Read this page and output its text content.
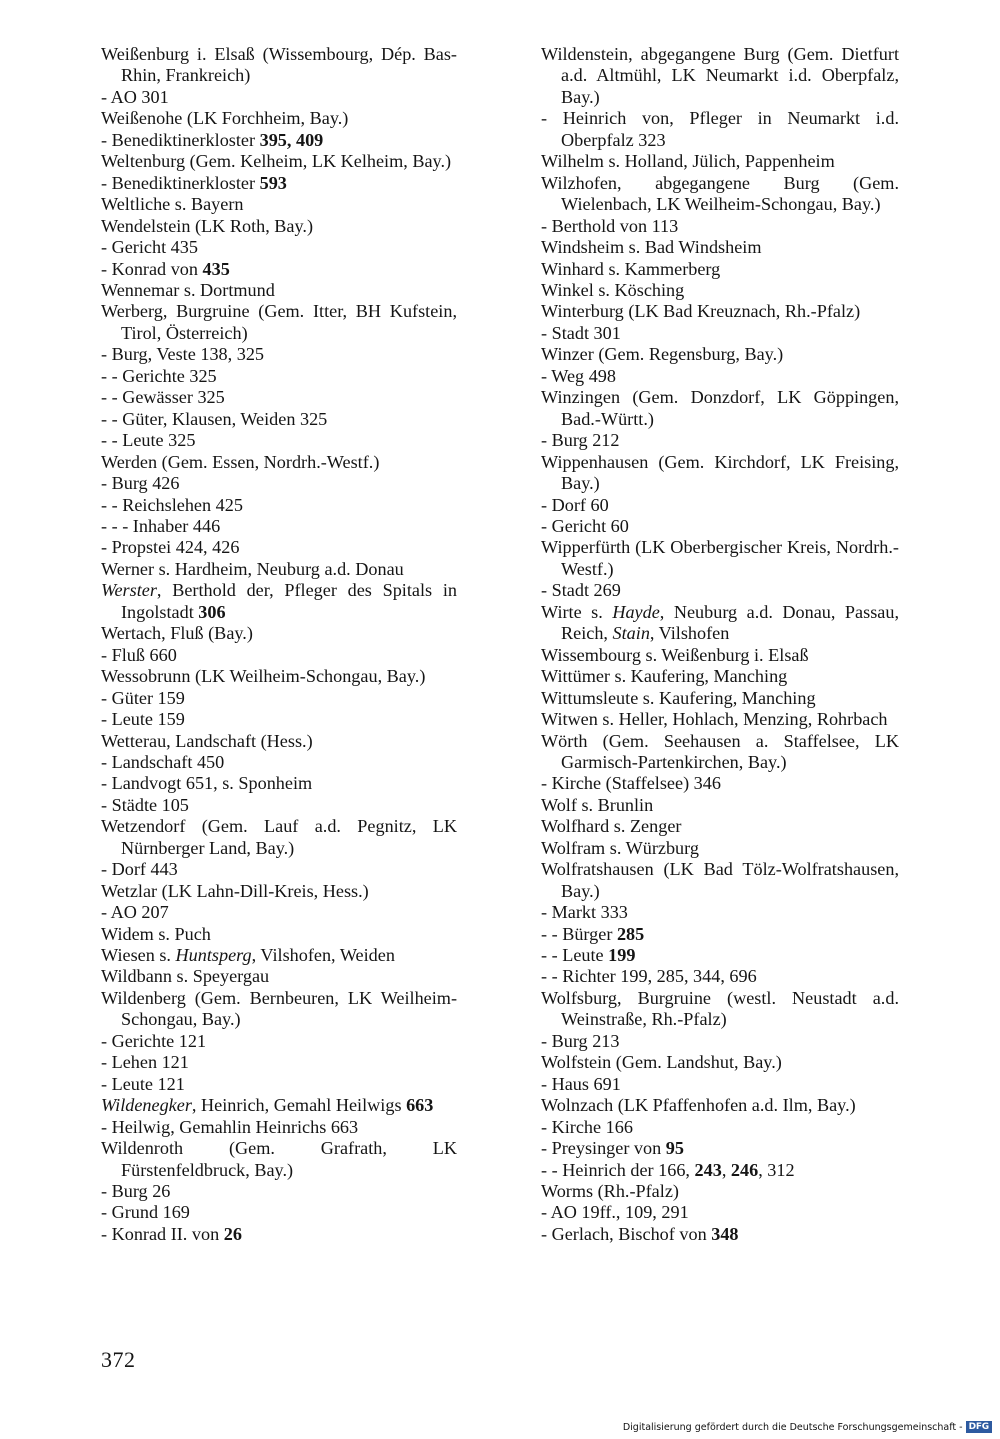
Weißenburg i. Elsaß (Wissembourg, Dép. Bas-Rhin, Frankreich)
- AO 301
Weißenohe (LK Forchheim, Bay.)
- Benediktinerkloster 395, 409
Weltenburg (Gem. Kelheim, LK Kelheim, Bay.)
- Benediktinerkloster 593
Weltliche s. Bayern
Wendelstein (LK Roth, Bay.)
- Gericht 435
- Konrad von 435
Wennemar s. Dortmund
Werberg, Burgruine (Gem. Itter, BH Kufstein, Tirol, Österreich)
- Burg, Veste 138, 325
- - Gerichte 325
- - Gewässer 325
- - Güter, Klausen, Weiden 325
- - Leute 325
Werden (Gem. Essen, Nordrh.-Westf.)
- Burg 426
- - Reichslehen 425
- - - Inhaber 446
- Propstei 424, 426
Werner s. Hardheim, Neuburg a.d. Donau
Werster, Berthold der, Pfleger des Spitals in Ingolstadt 306
Wertach, Fluß (Bay.)
- Fluß 660
Wessobrunn (LK Weilheim-Schongau, Bay.)
- Güter 159
- Leute 159
Wetterau, Landschaft (Hess.)
- Landschaft 450
- Landvogt 651, s. Sponheim
- Städte 105
Wetzendorf (Gem. Lauf a.d. Pegnitz, LK Nürnberger Land, Bay.)
- Dorf 443
Wetzlar (LK Lahn-Dill-Kreis, Hess.)
- AO 207
Widem s. Puch
Wiesen s. Huntsperg, Vilshofen, Weiden
Wildbann s. Speyergau
Wildenberg (Gem. Bernbeuren, LK Weilheim-Schongau, Bay.)
- Gerichte 121
- Lehen 121
- Leute 121
Wildenegker, Heinrich, Gemahl Heilwigs 663
- Heilwig, Gemahlin Heinrichs 663
Wildenroth (Gem. Grafrath, LK Fürstenfeldbruck, Bay.)
- Burg 26
- Grund 169
- Konrad II. von 26
Wildenstein, abgegangene Burg (Gem. Dietfurt a.d. Altmühl, LK Neumarkt i.d. Oberpfalz, Bay.)
- Heinrich von, Pfleger in Neumarkt i.d. Oberpfalz 323
Wilhelm s. Holland, Jülich, Pappenheim
Wilzhofen, abgegangene Burg (Gem. Wielenbach, LK Weilheim-Schongau, Bay.)
- Berthold von 113
Windsheim s. Bad Windsheim
Winhard s. Kammerberg
Winkel s. Kösching
Winterburg (LK Bad Kreuznach, Rh.-Pfalz)
- Stadt 301
Winzer (Gem. Regensburg, Bay.)
- Weg 498
Winzingen (Gem. Donzdorf, LK Göppingen, Bad.-Württ.)
- Burg 212
Wippenhausen (Gem. Kirchdorf, LK Freising, Bay.)
- Dorf 60
- Gericht 60
Wipperfürth (LK Oberbergischer Kreis, Nordrh.-Westf.)
- Stadt 269
Wirte s. Hayde, Neuburg a.d. Donau, Passau, Reich, Stain, Vilshofen
Wissembourg s. Weißenburg i. Elsaß
Wittümer s. Kaufering, Manching
Wittumsleute s. Kaufering, Manching
Witwen s. Heller, Hohlach, Menzing, Rohrbach
Wörth (Gem. Seehausen a. Staffelsee, LK Garmisch-Partenkirchen, Bay.)
- Kirche (Staffelsee) 346
Wolf s. Brunlin
Wolfhard s. Zenger
Wolfram s. Würzburg
Wolfratshausen (LK Bad Tölz-Wolfratshausen, Bay.)
- Markt 333
- - Bürger 285
- - Leute 199
- - Richter 199, 285, 344, 696
Wolfsburg, Burgruine (westl. Neustadt a.d. Weinstraße, Rh.-Pfalz)
- Burg 213
Wolfstein (Gem. Landshut, Bay.)
- Haus 691
Wolnzach (LK Pfaffenhofen a.d. Ilm, Bay.)
- Kirche 166
- Preysinger von 95
- - Heinrich der 166, 243, 246, 312
Worms (Rh.-Pfalz)
- AO 19ff., 109, 291
- Gerlach, Bischof von 348
372
Digitalisierung gefördert durch die Deutsche Forschungsgemeinschaft - DFG
